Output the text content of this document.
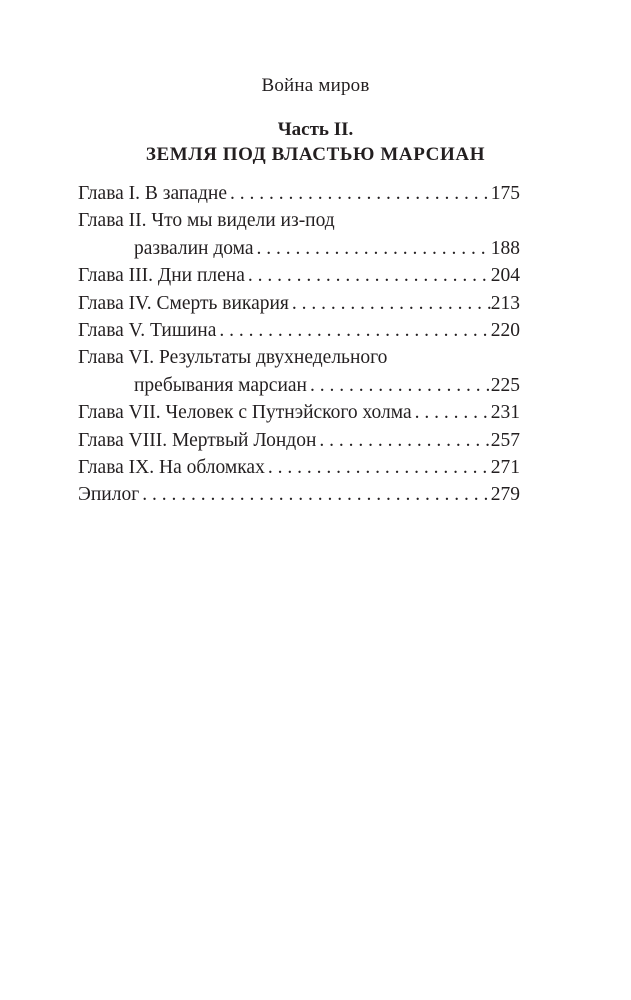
Война миров
Часть II.
ЗЕМЛЯ ПОД ВЛАСТЬЮ МАРСИАН
Глава I. В западне . . .	175
Глава II. Что мы видели из-под
развалин дома . . .	188
Глава III. Дни плена . . .	204
Глава IV. Смерть викария . . .	213
Глава V. Тишина . . .	220
Глава VI. Результаты двухнедельного
пребывания марсиан . . .	225
Глава VII. Человек с Путнэйского холма . . .	231
Глава VIII. Мертвый Лондон . . .	257
Глава IX. На обломках . . .	271
Эпилог . . .	279
